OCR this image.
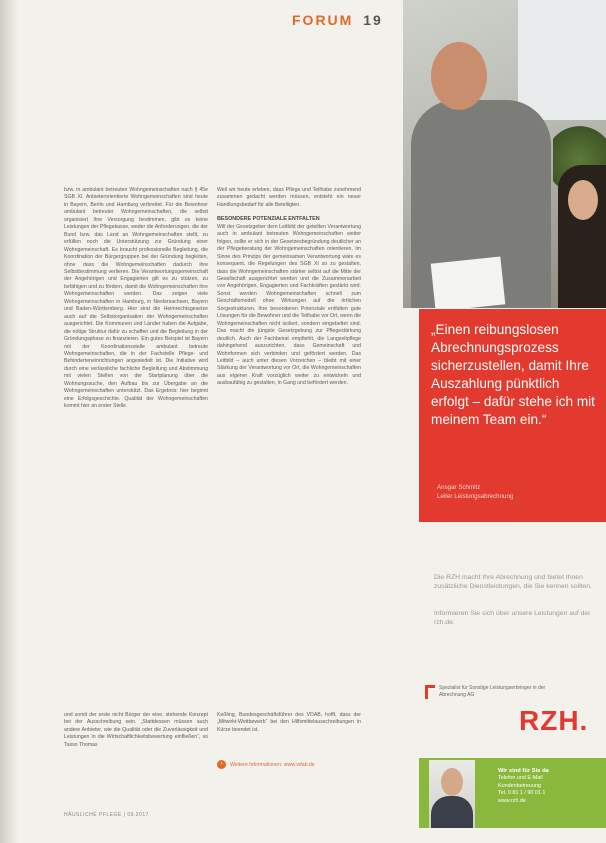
FORUM 19

bzw. in ambulant betreuten Wohngemeinschaften nach § 45e SGB XI. Anbieterorientierte Wohngemeinschaften sind heute in Bayern, Berlin und Hamburg verbreitet. Für die Bewohner ambulant betreuter Wohngemeinschaften, die selbst organisiert ihre Versorgung bestimmen, gibt es keine Leistungen der Pflegekasse, weder die Anforderungen, die der Bund bzw. das Land an Wohngemeinschaften stellt, zu erfüllen noch die Unterstützung zur Gründung einer Wohngemeinschaft. Es braucht professionelle Begleitung, die Koordination der Bürgergruppen bei der Gründung begleiten, ohne dass die Wohngemeinschaften dadurch ihre Selbstbestimmung verlieren. Die Verantwortungsgemeinschaft der Angehörigen und Engagierten gilt es zu stützen, zu befähigen und zu fördern, damit die Wohngemeinschaften ihre Wohngemeinschaften werden. Das zeigen viele Wohngemeinschaften in Hamburg, in Niedersachsen, Bayern und Baden-Württemberg. Hier sind die Heimrechtsgesetze auch auf die Selbstorganisation der Wohngemeinschaften ausgerichtet. Die Kommunen und Länder haben die Aufgabe, die nötige Struktur dafür zu schaffen und die Begleitung in der Gründungsphase zu finanzieren. Ein gutes Beispiel ist Bayern mit der Koordinationsstelle ambulant betreute Wohngemeinschaften, die in der Fachstelle Pflege- und Behinderteneinrichtungen angesiedelt ist. Die Initiative wird durch eine verlässliche fachliche Begleitung und Abstimmung mit vielen Stellen von der Startplanung über die Wohnungssuche, den Aufbau bis zur Übergabe an die Wohngemeinschaften unterstützt. Das Ergebnis: hier beginnt eine Erfolgsgeschichte. Qualität der Wohngemeinschaften kommt hier an erster Stelle.

Weil wir heute erleben, dass Pflege und Teilhabe zunehmend zusammen gedacht werden müssen, entsteht ein neuer Handlungsbedarf für alle Beteiligten.

BESONDERE POTENZIALE ENTFALTEN

Will der Gesetzgeber dem Leitbild der geteilten Verantwortung auch in ambulant betreuten Wohngemeinschaften weiter folgen, sollte er sich in der Gesetzesbegründung deutlicher an der Pflegeberatung der Wohngemeinschaften orientieren. Im Sinne des Prinzips der gemeinsamen Verantwortung wäre es konsequent, die Regelungen des SGB XI so zu gestalten, dass die Wohngemeinschaften stärker selbst auf die Mitte der Gesellschaft ausgerichtet werden und die Zusammenarbeit von Angehörigen, Engagierten und Fachkräften gestärkt wird. Sonst werden Wohngemeinschaften schnell zum Geschäftsmodell ohne Wirkungen auf die örtlichen Sorgestrukturen. Ihre besonderen Potenziale entfalten gute Lösungen für die Bewohner und die Teilhabe vor Ort, wenn die Wohngemeinschaften nicht isoliert, sondern eingebettet sind. Das macht die jüngste Gesetzgebung zur Pflegestärkung deutlich. Auch der Fachbeirat empfiehlt, die Langzeitpflege dahingehend auszurichten, dass Gemeinschaft und Wohnformen sich verbinden und gefördert werden. Das Leitbild – auch unter diesen Vorzeichen – bleibt mit einer Stärkung der Verantwortung vor Ort, die Wohngemeinschaften aus eigener Kraft vorzüglich weiter zu entwickeln und ausbaufähig zu gestalten, in Gang und befördert werden.

und somit der erste nicht Bürger der eine, stehende Konzept bei der Ausschreibung sein. „Stattdessen müssen auch andere Anbieter, wie die Qualität oder die Zuverlässigkeit und Leistungen in die Wirtschaftlichkeitsbewertung einfließen“, so Tasso Thomas

Keßling, Bundesgeschäftsführer des VDAB, hofft, dass der „Mitwirkt-Wettbewerb“ bei den Hilfsmittelausschreibungen in Kürze beendet ist.

›	Weitere Informationen: www.vdab.de
HÄUSLICHE PFLEGE | 09.2017

„Einen reibungslosen Abrechnungsprozess sicherzustellen, damit Ihre Auszahlung pünktlich erfolgt – dafür stehe ich mit meinem Team ein.“

Ansgar Schmitz
Leiter Leistungsabrechnung

Die RZH macht Ihre Abrechnung und bietet Ihnen zusätzliche Dienstleistungen, die Sie kennen sollten.

Informieren Sie sich über unsere Leistungen auf der rzh.de.

Spezialist für Sonstige Leistungserbringer in der Abrechnung AG
RZH.
Wir sind für Sie da
Telefon und E-Mail
Kundenbetreuung
Tel. 0 81 1 / 90 01 1
www.rzh.de
